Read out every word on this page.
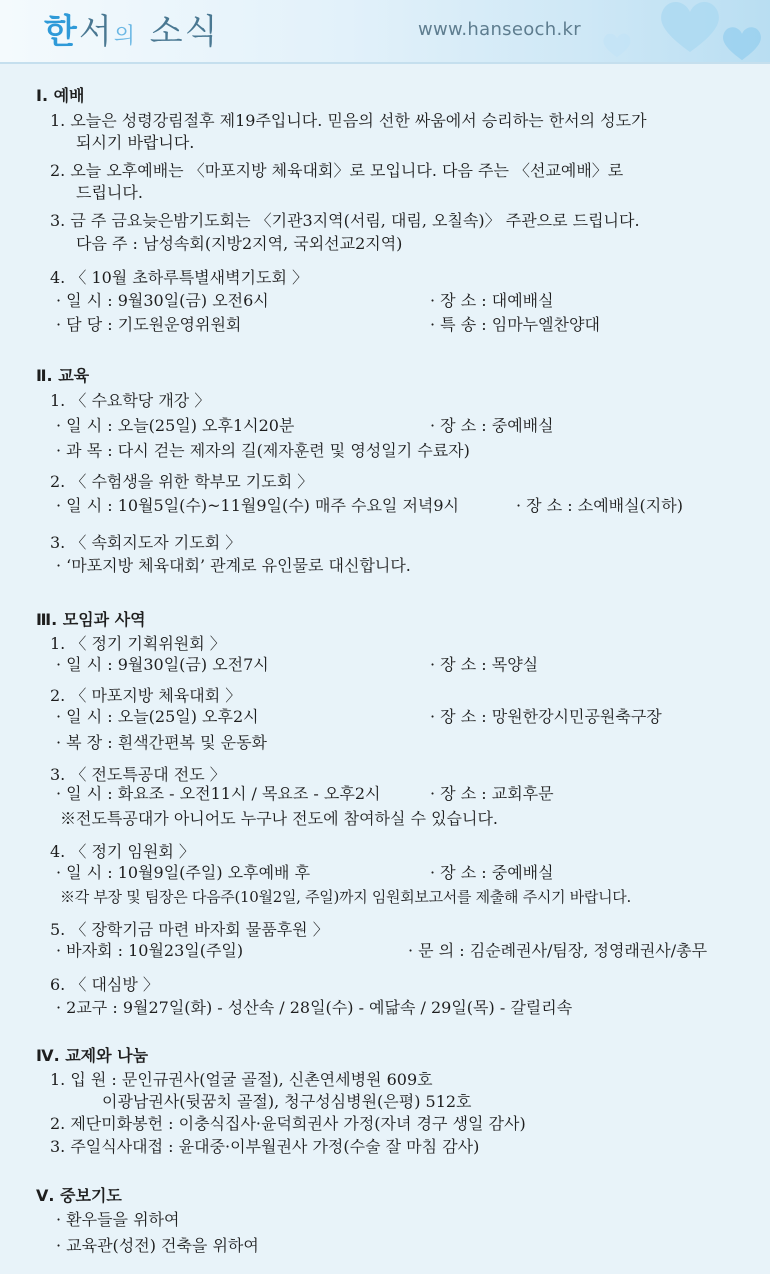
한서의 소식	www.hanseoch.kr
Ⅰ. 예배
1. 오늘은 성령강림절후 제19주입니다. 믿음의 선한 싸움에서 승리하는 한서의 성도가
되시기 바랍니다.
2. 오늘 오후예배는 〈마포지방 체육대회〉로 모입니다. 다음 주는 〈선교예배〉로
드립니다.
3. 금 주 금요늦은밤기도회는 〈기관3지역(서림, 대림, 오칠속)〉 주관으로 드립니다.
다음 주 : 남성속회(지방2지역, 국외선교2지역)
4. 〈 10월 초하루특별새벽기도회 〉
· 일 시 : 9월30일(금) 오전6시	· 장 소 : 대예배실
· 담 당 : 기도원운영위원회	· 특 송 : 임마누엘찬양대
Ⅱ. 교육
1. 〈 수요학당 개강 〉
· 일 시 : 오늘(25일) 오후1시20분	· 장 소 : 중예배실
· 과 목 : 다시 걷는 제자의 길(제자훈련 및 영성일기 수료자)
2. 〈 수험생을 위한 학부모 기도회 〉
· 일 시 : 10월5일(수)~11월9일(수) 매주 수요일 저녁9시	· 장 소 : 소예배실(지하)
3. 〈 속회지도자 기도회 〉
· ‘마포지방 체육대회’ 관계로 유인물로 대신합니다.
Ⅲ. 모임과 사역
1. 〈 정기 기획위원회 〉
· 일 시 : 9월30일(금) 오전7시	· 장 소 : 목양실
2. 〈 마포지방 체육대회 〉
· 일 시 : 오늘(25일) 오후2시	· 장 소 : 망원한강시민공원축구장
· 복 장 : 흰색간편복 및 운동화
3. 〈 전도특공대 전도 〉
· 일 시 : 화요조 - 오전11시 / 목요조 - 오후2시	· 장 소 : 교회후문
※전도특공대가 아니어도 누구나 전도에 참여하실 수 있습니다.
4. 〈 정기 임원회 〉
· 일 시 : 10월9일(주일) 오후예배 후	· 장 소 : 중예배실
※각 부장 및 팀장은 다음주(10월2일, 주일)까지 임원회보고서를 제출해 주시기 바랍니다.
5. 〈 장학기금 마련 바자회 물품후원 〉
· 바자회 : 10월23일(주일)	· 문 의 : 김순례권사/팀장, 정영래권사/총무
6. 〈 대심방 〉
· 2교구 : 9월27일(화) - 성산속 / 28일(수) - 예닮속 / 29일(목) - 갈릴리속
Ⅳ. 교제와 나눔
1. 입 원 : 문인규권사(얼굴 골절), 신촌연세병원 609호
이광남권사(뒷꿈치 골절), 청구성심병원(은평) 512호
2. 제단미화봉헌 : 이충식집사·윤덕희권사 가정(자녀 경구 생일 감사)
3. 주일식사대접 : 윤대중·이부월권사 가정(수술 잘 마침 감사)
Ⅴ. 중보기도
· 환우들을 위하여
· 교육관(성전) 건축을 위하여
